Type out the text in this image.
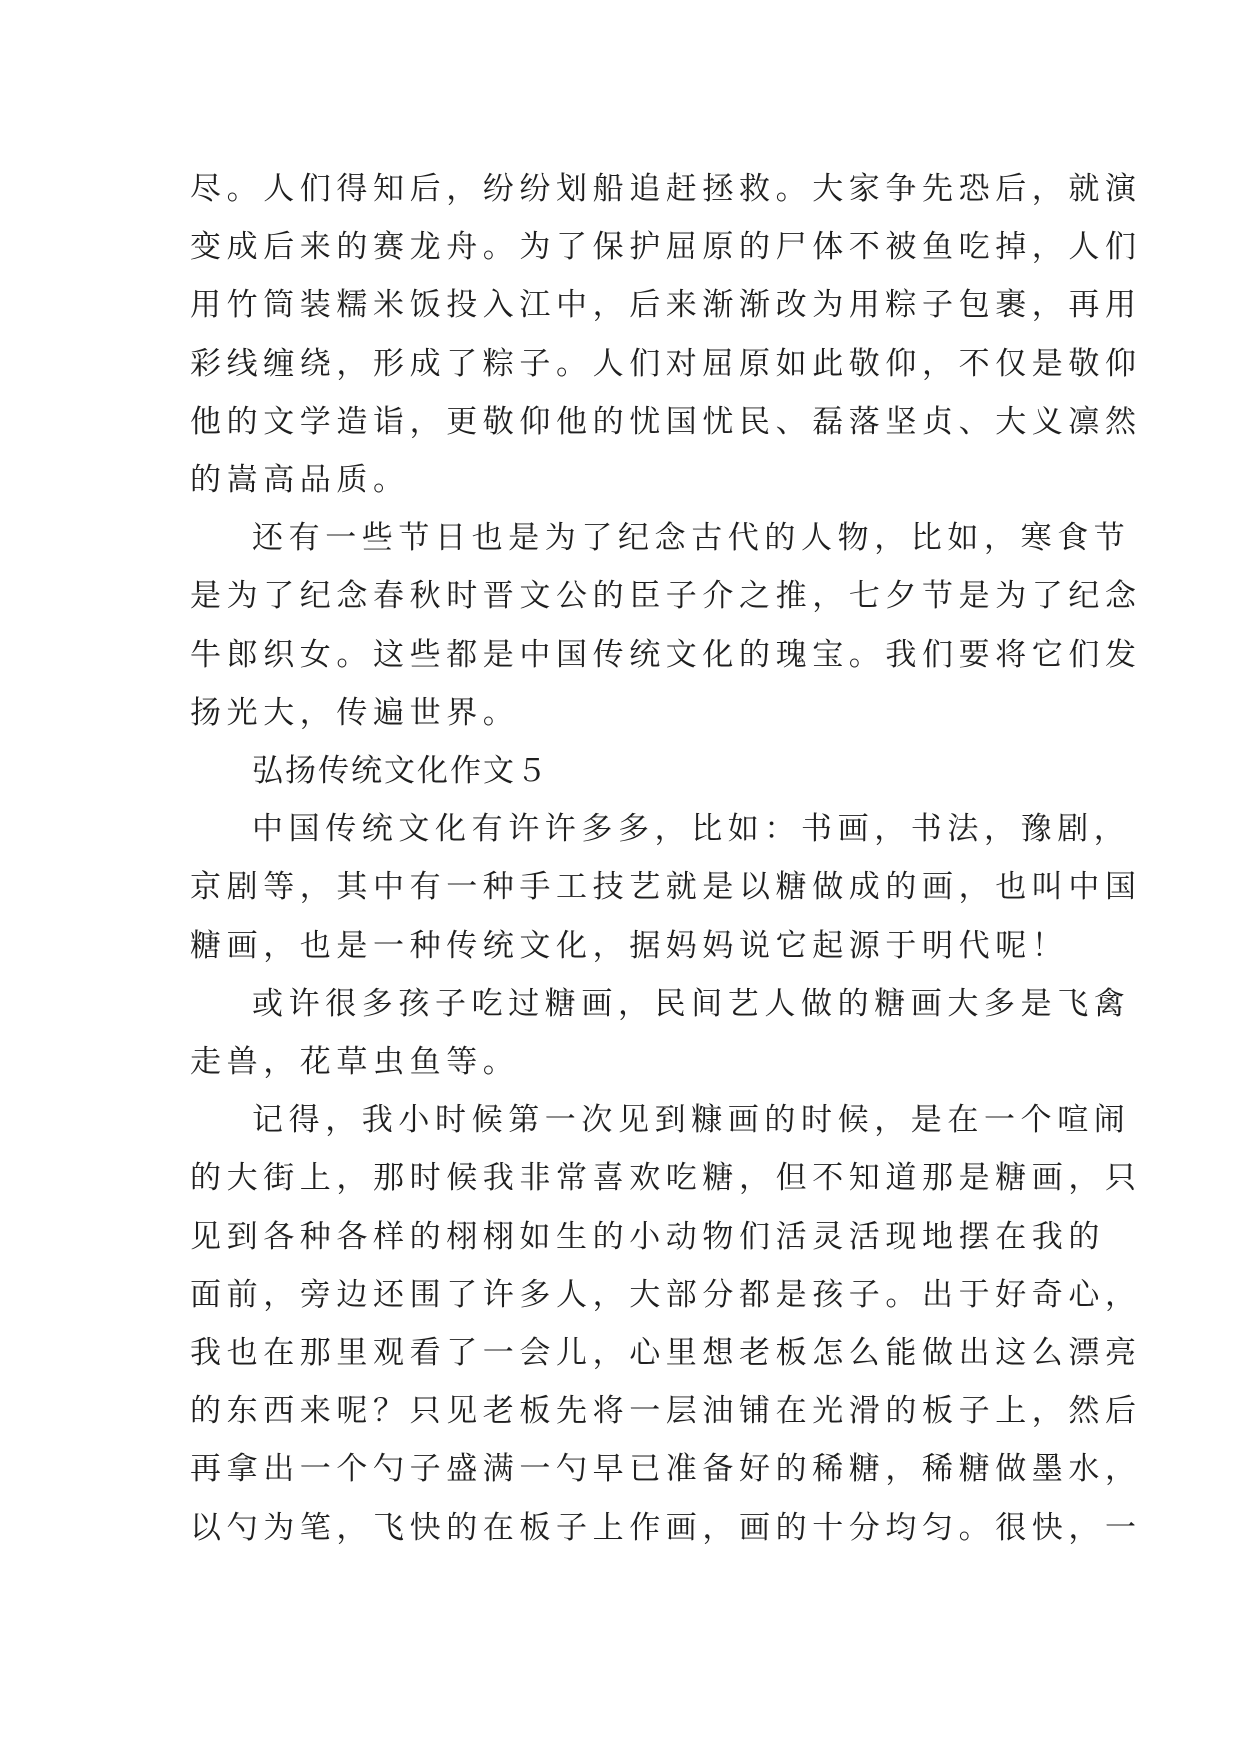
尽。人们得知后，纷纷划船追赶拯救。大家争先恐后，就演
变成后来的赛龙舟。为了保护屈原的尸体不被鱼吃掉，人们
用竹筒装糯米饭投入江中，后来渐渐改为用粽子包裹，再用
彩线缠绕，形成了粽子。人们对屈原如此敬仰，不仅是敬仰
他的文学造诣，更敬仰他的忧国忧民、磊落坚贞、大义凛然
的嵩高品质。
还有一些节日也是为了纪念古代的人物，比如，寒食节
是为了纪念春秋时晋文公的臣子介之推，七夕节是为了纪念
牛郎织女。这些都是中国传统文化的瑰宝。我们要将它们发
扬光大，传遍世界。
弘扬传统文化作文５
中国传统文化有许许多多，比如：书画，书法，豫剧，
京剧等，其中有一种手工技艺就是以糖做成的画，也叫中国
糖画，也是一种传统文化，据妈妈说它起源于明代呢！
或许很多孩子吃过糖画，民间艺人做的糖画大多是飞禽
走兽，花草虫鱼等。
记得，我小时候第一次见到糠画的时候，是在一个喧闹
的大街上，那时候我非常喜欢吃糖，但不知道那是糖画，只
见到各种各样的栩栩如生的小动物们活灵活现地摆在我的
面前，旁边还围了许多人，大部分都是孩子。出于好奇心，
我也在那里观看了一会儿，心里想老板怎么能做出这么漂亮
的东西来呢？只见老板先将一层油铺在光滑的板子上，然后
再拿出一个勺子盛满一勺早已准备好的稀糖，稀糖做墨水，
以勺为笔，飞快的在板子上作画，画的十分均匀。很快，一
